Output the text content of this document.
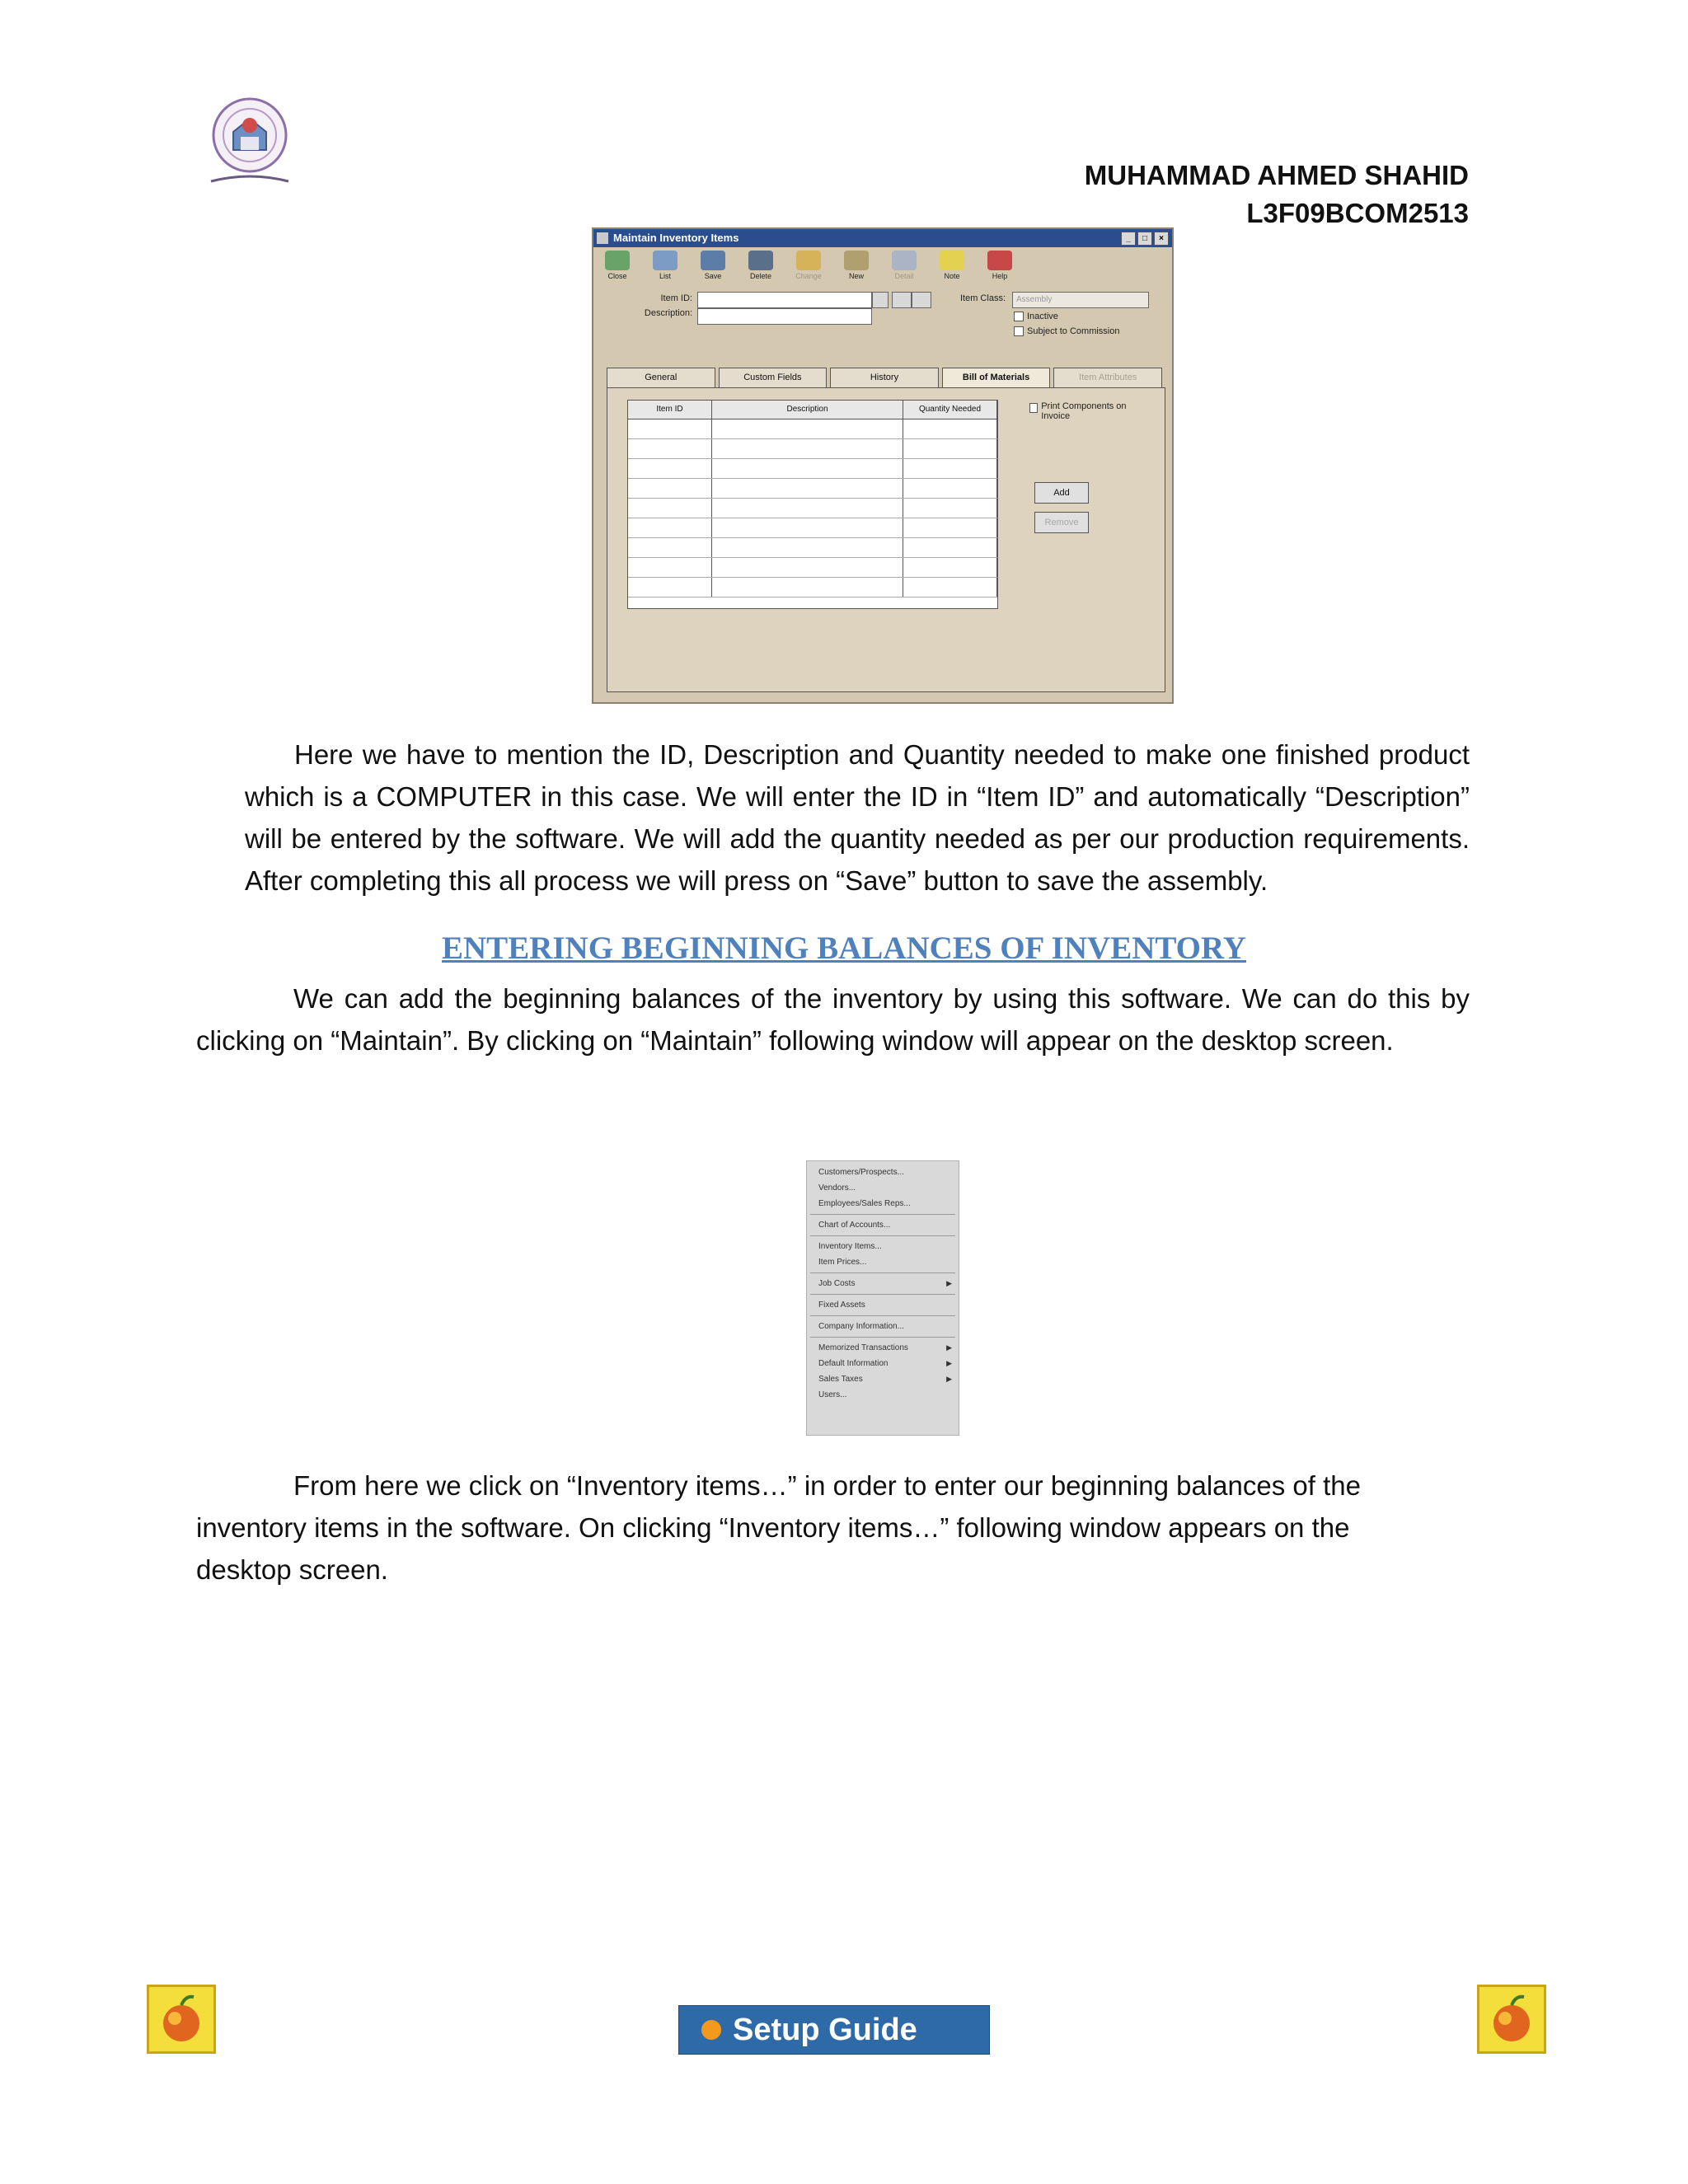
MUHAMMAD AHMED SHAHID
L3F09BCOM2513
Maintain Inventory Items	_	□	×
Close	List	Save	Delete	Change	New	Detail	Note	Help
Item ID:
Description:
Item Class:	Assembly
Inactive
Subject to Commission
General	Custom Fields	History	Bill of Materials	Item Attributes
Item ID	Description	Quantity Needed	Print Components on Invoice
Add
Remove
Here we have to mention the ID, Description and Quantity needed to make one finished product which is a COMPUTER in this case. We will enter the ID in “Item ID” and automatically “Description” will be entered by the software. We will add the quantity needed as per our production requirements. After completing this all process we will press on “Save” button to save the assembly.
ENTERING BEGINNING BALANCES OF INVENTORY
We can add the beginning balances of the inventory by using this software. We can do this by clicking on “Maintain”. By clicking on “Maintain” following window will appear on the desktop screen.
Customers/Prospects...
Vendors...
Employees/Sales Reps...
Chart of Accounts...
Inventory Items...
Item Prices...
Job Costs	▶
Fixed Assets
Company Information...
Memorized Transactions	▶
Default Information	▶
Sales Taxes	▶
Users...
From here we click on “Inventory items…” in order to enter our beginning balances of the inventory items in the software. On clicking “Inventory items…” following window appears on the desktop screen.
Setup Guide
